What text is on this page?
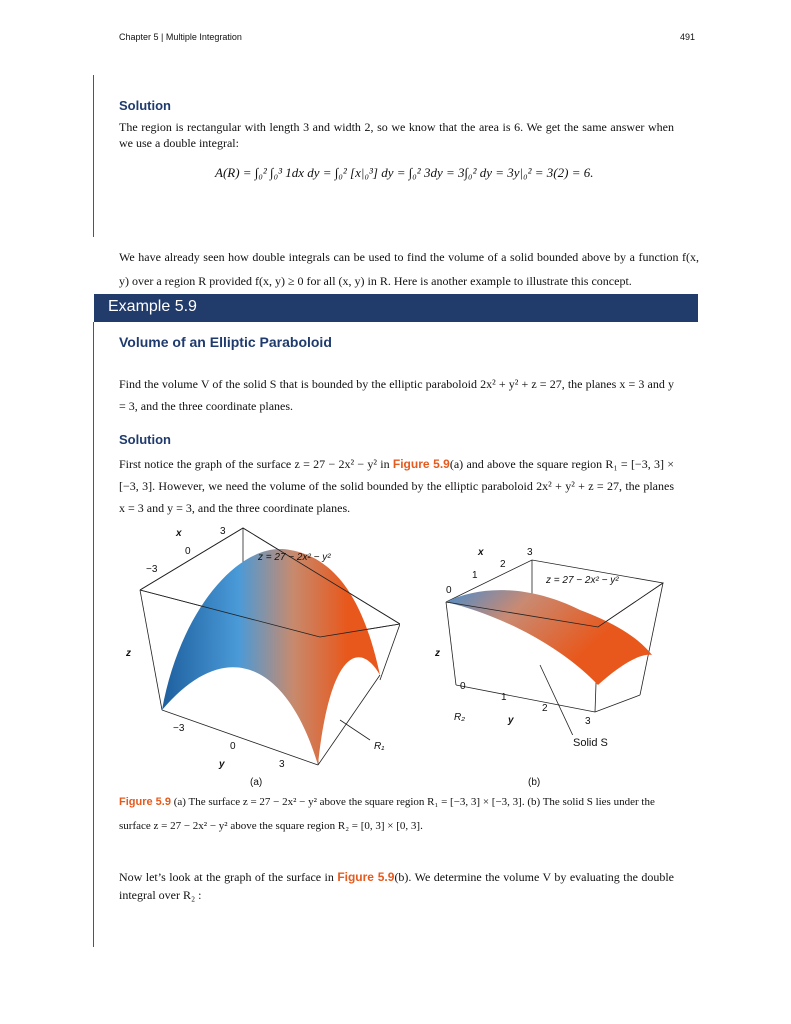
Chapter 5 | Multiple Integration	491
Solution
The region is rectangular with length 3 and width 2, so we know that the area is 6. We get the same answer when we use a double integral:
A(R) = ∫₀² ∫₀³ 1dx dy = ∫₀² [x|₀³] dy = ∫₀² 3dy = 3∫₀² dy = 3y|₀² = 3(2) = 6.
We have already seen how double integrals can be used to find the volume of a solid bounded above by a function f(x, y) over a region R provided f(x, y) ≥ 0 for all (x, y) in R. Here is another example to illustrate this concept.
Example 5.9
Volume of an Elliptic Paraboloid
Find the volume V of the solid S that is bounded by the elliptic paraboloid 2x² + y² + z = 27, the planes x = 3 and y = 3, and the three coordinate planes.
Solution
First notice the graph of the surface z = 27 − 2x² − y² in Figure 5.9(a) and above the square region R₁ = [−3, 3] × [−3, 3]. However, we need the volume of the solid bounded by the elliptic paraboloid 2x² + y² + z = 27, the planes x = 3 and y = 3, and the three coordinate planes.
z = 27 − 2x² − y²
x
−3
0
3
z
−3
0
3
y
R₁
(a)
x
0
1
2
3
z = 27 − 2x² − y²
z
0
1
2
3
R₂	y
Solid S
(b)
Figure 5.9 (a) The surface z = 27 − 2x² − y² above the square region R₁ = [−3, 3] × [−3, 3]. (b) The solid S lies under the surface z = 27 − 2x² − y² above the square region R₂ = [0, 3] × [0, 3].
Now let’s look at the graph of the surface in Figure 5.9(b). We determine the volume V by evaluating the double integral over R₂ :
